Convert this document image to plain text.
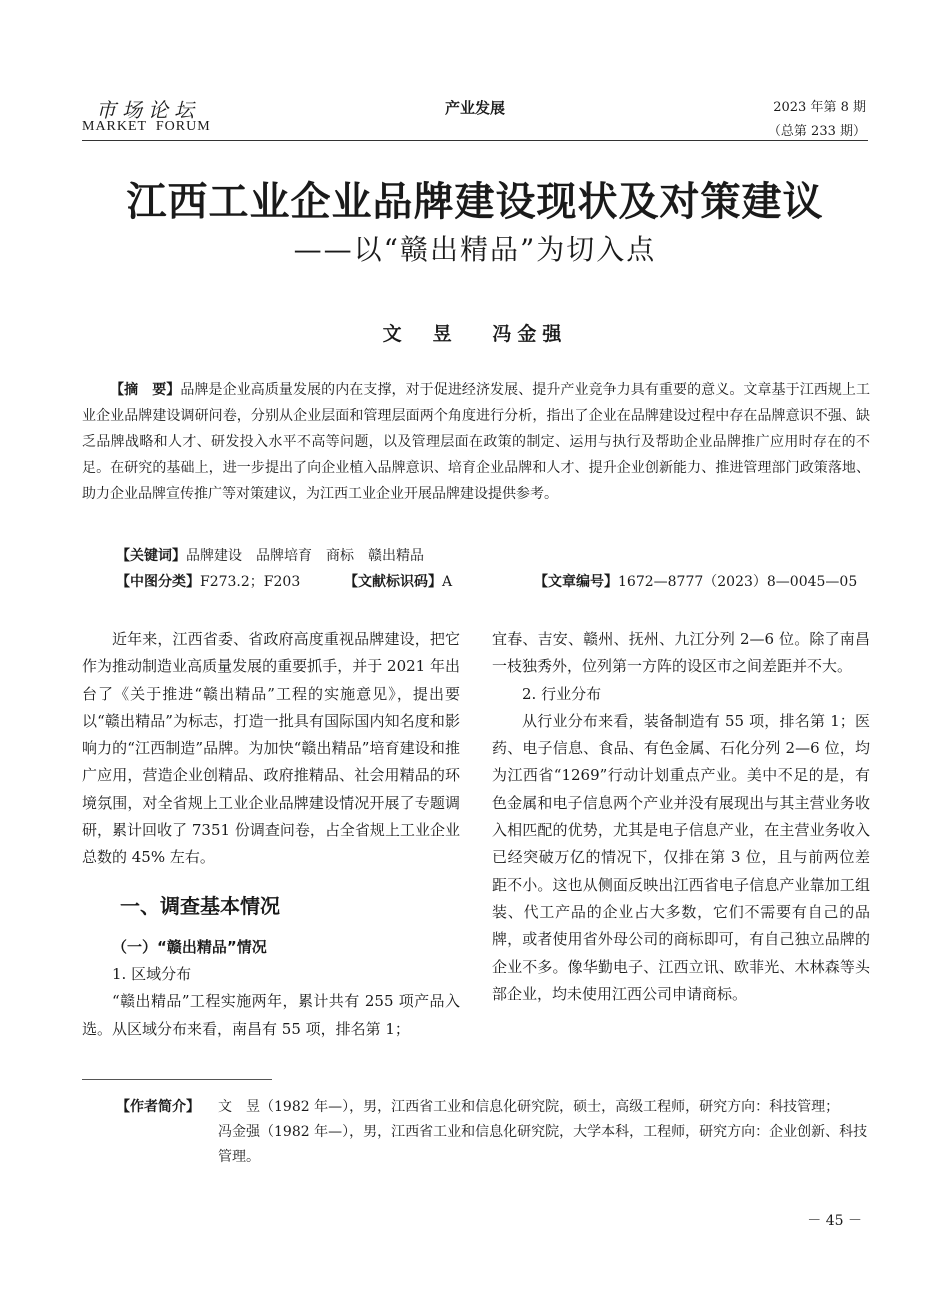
市场论坛
MARKET  FORUM
产业发展	2023 年第 8 期
（总第 233 期）
江西工业企业品牌建设现状及对策建议
——以“赣出精品”为切入点
文　昱 冯金强
【摘　要】品牌是企业高质量发展的内在支撑，对于促进经济发展、提升产业竞争力具有重要的意义。文章基于江西规上工业企业品牌建设调研问卷，分别从企业层面和管理层面两个角度进行分析，指出了企业在品牌建设过程中存在品牌意识不强、缺乏品牌战略和人才、研发投入水平不高等问题，以及管理层面在政策的制定、运用与执行及帮助企业品牌推广应用时存在的不足。在研究的基础上，进一步提出了向企业植入品牌意识、培育企业品牌和人才、提升企业创新能力、推进管理部门政策落地、助力企业品牌宣传推广等对策建议，为江西工业企业开展品牌建设提供参考。
【关键词】品牌建设 品牌培育 商标 赣出精品
【中图分类】F273.2；F203	【文献标识码】A	【文章编号】1672—8777（2023）8—0045—05

近年来，江西省委、省政府高度重视品牌建设，把它作为推动制造业高质量发展的重要抓手，并于 2021 年出台了《关于推进“赣出精品”工程的实施意见》，提出要以“赣出精品”为标志，打造一批具有国际国内知名度和影响力的“江西制造”品牌。为加快“赣出精品”培育建设和推广应用，营造企业创精品、政府推精品、社会用精品的环境氛围，对全省规上工业企业品牌建设情况开展了专题调研，累计回收了 7351 份调查问卷，占全省规上工业企业总数的 45% 左右。

一、调查基本情况

（一）“赣出精品”情况

1. 区域分布

“赣出精品”工程实施两年，累计共有 255 项产品入选。从区域分布来看，南昌有 55 项，排名第 1；

宜春、吉安、赣州、抚州、九江分列 2—6 位。除了南昌一枝独秀外，位列第一方阵的设区市之间差距并不大。

2. 行业分布

从行业分布来看，装备制造有 55 项，排名第 1；医药、电子信息、食品、有色金属、石化分列 2—6 位，均为江西省“1269”行动计划重点产业。美中不足的是，有色金属和电子信息两个产业并没有展现出与其主营业务收入相匹配的优势，尤其是电子信息产业，在主营业务收入已经突破万亿的情况下，仅排在第 3 位，且与前两位差距不小。这也从侧面反映出江西省电子信息产业靠加工组装、代工产品的企业占大多数，它们不需要有自己的品牌，或者使用省外母公司的商标即可，有自己独立品牌的企业不多。像华勤电子、江西立讯、欧菲光、木林森等头部企业，均未使用江西公司申请商标。

【作者简介】 文　昱（1982 年—），男，江西省工业和信息化研究院，硕士，高级工程师，研究方向：科技管理；
冯金强（1982 年—），男，江西省工业和信息化研究院，大学本科，工程师，研究方向：企业创新、科技管理。
－ 45 －
